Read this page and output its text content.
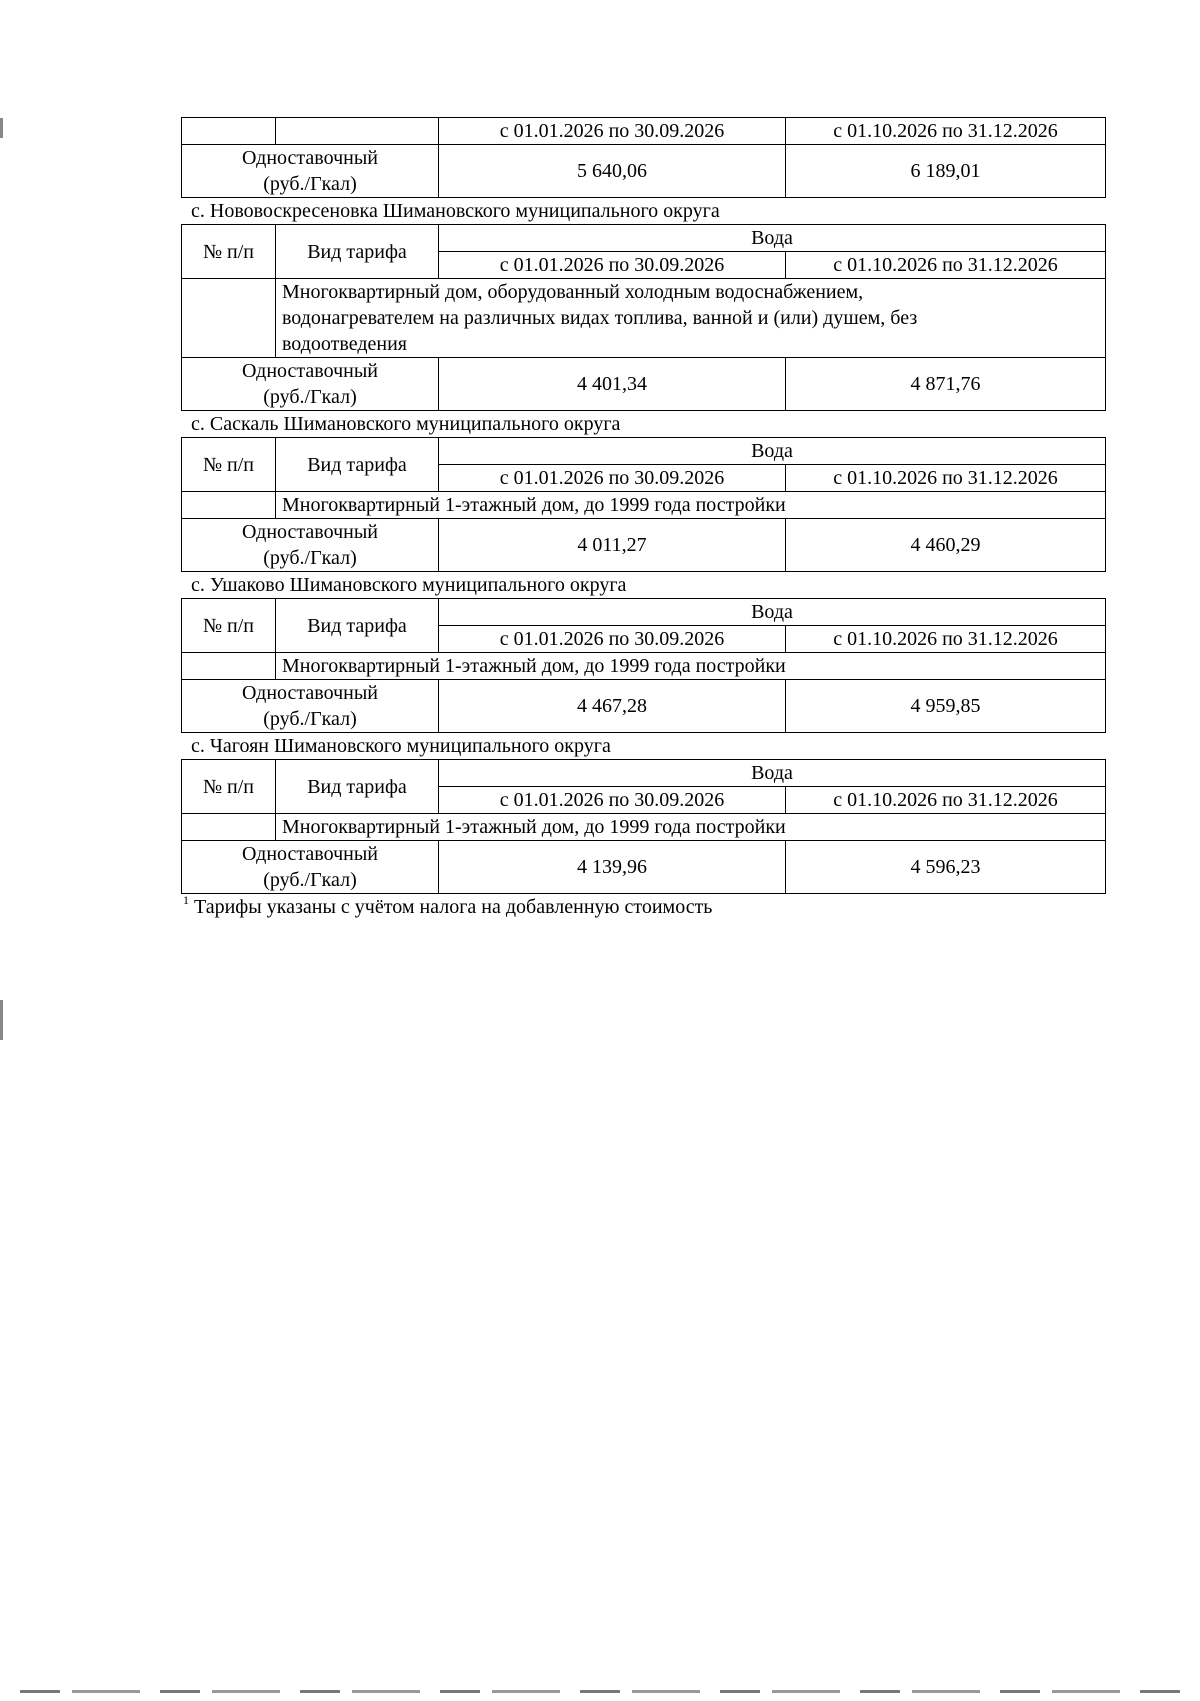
		с 01.01.2026 по 30.09.2026	с 01.10.2026 по 31.12.2026
Одноставочный
(руб./Гкал)		5 640,06	6 189,01
с. Нововоскресеновка Шимановского муниципального округа
№ п/п	Вид тарифа	Вода	
		с 01.01.2026 по 30.09.2026	с 01.10.2026 по 31.12.2026
	Многоквартирный дом, оборудованный холодным водоснабжением,
водонагревателем на различных видах топлива, ванной и (или) душем, без
водоотведения		
Одноставочный
(руб./Гкал)		4 401,34	4 871,76
с. Саскаль Шимановского муниципального округа
№ п/п	Вид тарифа	Вода	
		с 01.01.2026 по 30.09.2026	с 01.10.2026 по 31.12.2026
	Многоквартирный 1-этажный дом, до 1999 года постройки		
Одноставочный
(руб./Гкал)		4 011,27	4 460,29
с. Ушаково Шимановского муниципального округа
№ п/п	Вид тарифа	Вода	
		с 01.01.2026 по 30.09.2026	с 01.10.2026 по 31.12.2026
	Многоквартирный 1-этажный дом, до 1999 года постройки		
Одноставочный
(руб./Гкал)		4 467,28	4 959,85
с. Чагоян Шимановского муниципального округа
№ п/п	Вид тарифа	Вода	
		с 01.01.2026 по 30.09.2026	с 01.10.2026 по 31.12.2026
	Многоквартирный 1-этажный дом, до 1999 года постройки		
Одноставочный
(руб./Гкал)		4 139,96	4 596,23
$^1$ Тарифы указаны с учётом налога на добавленную стоимость
